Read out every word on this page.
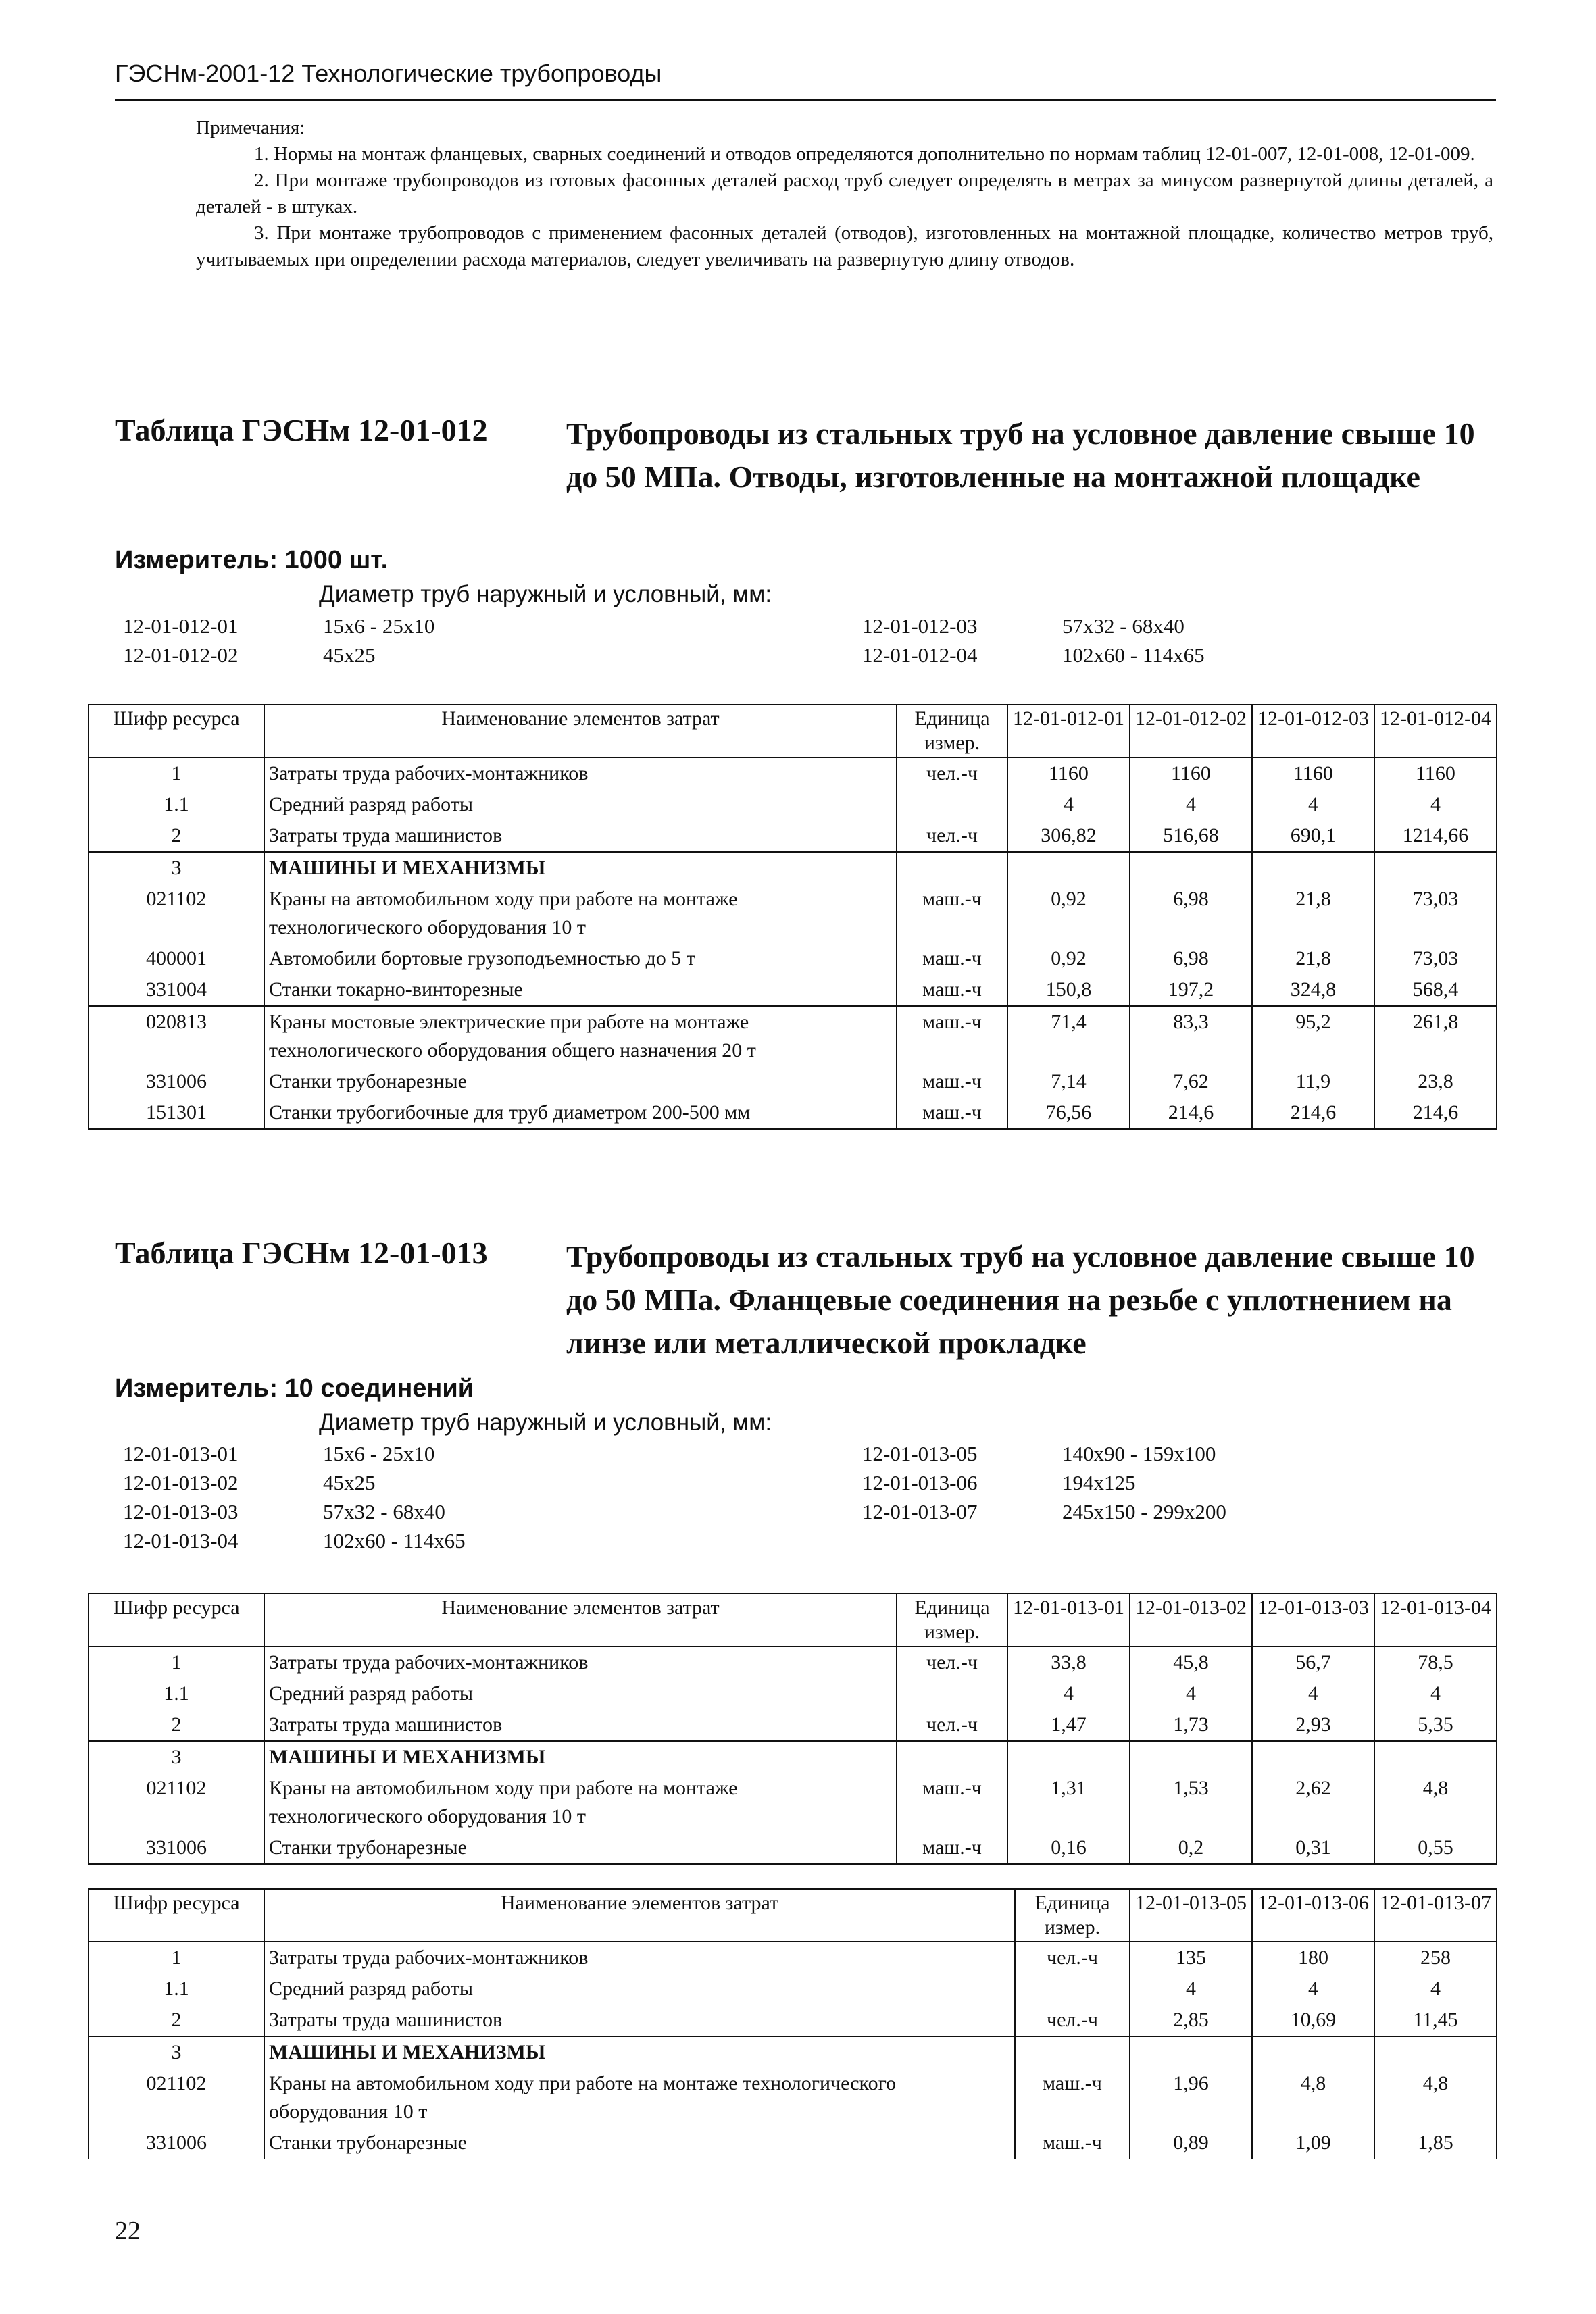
ГЭСНм-2001-12 Технологические трубопроводы
Примечания:
1. Нормы на монтаж фланцевых, сварных соединений и отводов определяются дополнительно по нормам таблиц 12-01-007, 12-01-008, 12-01-009.
2. При монтаже трубопроводов из готовых фасонных деталей расход труб следует определять в метрах за минусом развернутой длины деталей, а деталей - в штуках.
3. При монтаже трубопроводов с применением фасонных деталей (отводов), изготовленных на монтажной площадке, количество метров труб, учитываемых при определении расхода материалов, следует увеличивать на развернутую длину отводов.
Таблица ГЭСНм 12-01-012	Трубопроводы из стальных труб на условное давление свыше 10 до 50 МПа. Отводы, изготовленные на монтажной площадке
Измеритель: 1000 шт.
Диаметр труб наружный и условный, мм:
12-01-012-01	15x6 - 25x10	12-01-012-03	57x32 - 68x40
12-01-012-02	45x25	12-01-012-04	102x60 - 114x65
Шифр ресурса	Наименование элементов затрат	Единица измер.	12-01-012-01	12-01-012-02	12-01-012-03	12-01-012-04
1	Затраты труда рабочих-монтажников	чел.-ч	1160	1160	1160	1160
1.1	Средний разряд работы		4	4	4	4
2	Затраты труда машинистов	чел.-ч	306,82	516,68	690,1	1214,66
3	МАШИНЫ И МЕХАНИЗМЫ					
021102	Краны на автомобильном ходу при работе на монтаже технологического оборудования 10 т	маш.-ч	0,92	6,98	21,8	73,03
400001	Автомобили бортовые грузоподъемностью до 5 т	маш.-ч	0,92	6,98	21,8	73,03
331004	Станки токарно-винторезные	маш.-ч	150,8	197,2	324,8	568,4
020813	Краны мостовые электрические при работе на монтаже технологического оборудования общего назначения 20 т	маш.-ч	71,4	83,3	95,2	261,8
331006	Станки трубонарезные	маш.-ч	7,14	7,62	11,9	23,8
151301	Станки трубогибочные для труб диаметром 200-500 мм	маш.-ч	76,56	214,6	214,6	214,6
Таблица ГЭСНм 12-01-013	Трубопроводы из стальных труб на условное давление свыше 10 до 50 МПа. Фланцевые соединения на резьбе с уплотнением на линзе или металлической прокладке
Измеритель: 10 соединений
Диаметр труб наружный и условный, мм:
12-01-013-01	15x6 - 25x10	12-01-013-05	140x90 - 159x100
12-01-013-02	45x25	12-01-013-06	194x125
12-01-013-03	57x32 - 68x40	12-01-013-07	245x150 - 299x200
12-01-013-04	102x60 - 114x65
Шифр ресурса	Наименование элементов затрат	Единица измер.	12-01-013-01	12-01-013-02	12-01-013-03	12-01-013-04
1	Затраты труда рабочих-монтажников	чел.-ч	33,8	45,8	56,7	78,5
1.1	Средний разряд работы		4	4	4	4
2	Затраты труда машинистов	чел.-ч	1,47	1,73	2,93	5,35
3	МАШИНЫ И МЕХАНИЗМЫ					
021102	Краны на автомобильном ходу при работе на монтаже технологического оборудования 10 т	маш.-ч	1,31	1,53	2,62	4,8
331006	Станки трубонарезные	маш.-ч	0,16	0,2	0,31	0,55
Шифр ресурса	Наименование элементов затрат	Единица измер.	12-01-013-05	12-01-013-06	12-01-013-07
1	Затраты труда рабочих-монтажников	чел.-ч	135	180	258
1.1	Средний разряд работы		4	4	4
2	Затраты труда машинистов	чел.-ч	2,85	10,69	11,45
3	МАШИНЫ И МЕХАНИЗМЫ				
021102	Краны на автомобильном ходу при работе на монтаже технологического оборудования 10 т	маш.-ч	1,96	4,8	4,8
331006	Станки трубонарезные	маш.-ч	0,89	1,09	1,85
22
